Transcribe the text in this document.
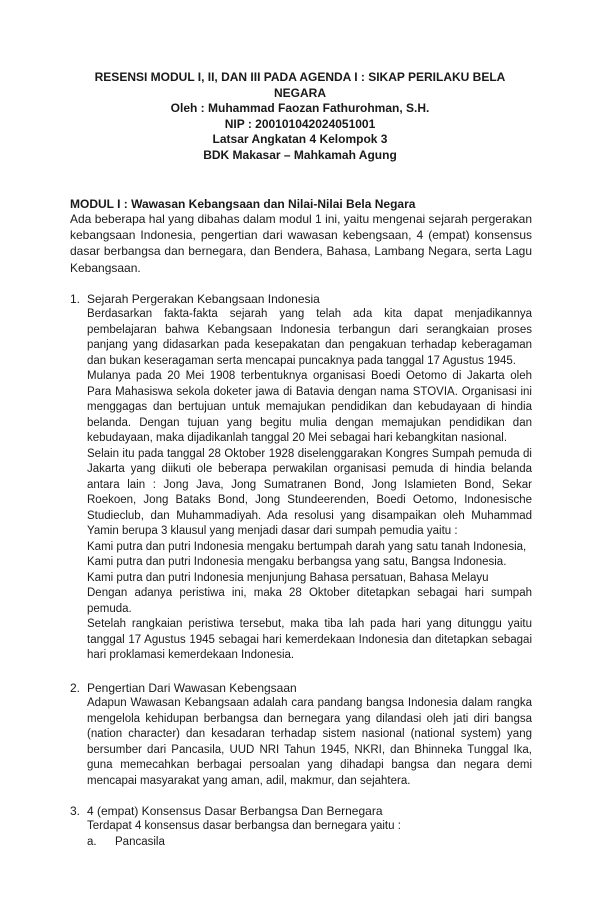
RESENSI MODUL I, II, DAN III PADA AGENDA I : SIKAP PERILAKU BELA
NEGARA
Oleh : Muhammad Faozan Fathurohman, S.H.
NIP : 200101042024051001
Latsar Angkatan 4 Kelompok 3
BDK Makasar – Mahkamah Agung
MODUL I : Wawasan Kebangsaan dan Nilai-Nilai Bela Negara
Ada beberapa hal yang dibahas dalam modul 1 ini, yaitu mengenai sejarah pergerakan kebangsaan Indonesia, pengertian dari wawasan kebengsaan, 4 (empat) konsensus dasar berbangsa dan bernegara, dan Bendera, Bahasa, Lambang Negara, serta Lagu Kebangsaan.
1. Sejarah Pergerakan Kebangsaan Indonesia

Berdasarkan fakta-fakta sejarah yang telah ada kita dapat menjadikannya pembelajaran bahwa Kebangsaan Indonesia terbangun dari serangkaian proses panjang yang didasarkan pada kesepakatan dan pengakuan terhadap keberagaman dan bukan keseragaman serta mencapai puncaknya pada tanggal 17 Agustus 1945.

Mulanya pada 20 Mei 1908 terbentuknya organisasi Boedi Oetomo di Jakarta oleh Para Mahasiswa sekola doketer jawa di Batavia dengan nama STOVIA. Organisasi ini menggagas dan bertujuan untuk memajukan pendidikan dan kebudayaan di hindia belanda. Dengan tujuan yang begitu mulia dengan memajukan pendidikan dan kebudayaan, maka dijadikanlah tanggal 20 Mei sebagai hari kebangkitan nasional.

Selain itu pada tanggal 28 Oktober 1928 diselenggarakan Kongres Sumpah pemuda di Jakarta yang diikuti ole beberapa perwakilan organisasi pemuda di hindia belanda antara lain : Jong Java, Jong Sumatranen Bond, Jong Islamieten Bond, Sekar Roekoen, Jong Bataks Bond, Jong Stundeerenden, Boedi Oetomo, Indonesische Studieclub, dan Muhammadiyah. Ada resolusi yang disampaikan oleh Muhammad Yamin berupa 3 klausul yang menjadi dasar dari sumpah pemudia yaitu :

Kami putra dan putri Indonesia mengaku bertumpah darah yang satu tanah Indonesia,

Kami putra dan putri Indonesia mengaku berbangsa yang satu, Bangsa Indonesia.

Kami putra dan putri Indonesia menjunjung Bahasa persatuan, Bahasa Melayu

Dengan adanya peristiwa ini, maka 28 Oktober ditetapkan sebagai hari sumpah pemuda.

Setelah rangkaian peristiwa tersebut, maka tiba lah pada hari yang ditunggu yaitu tanggal 17 Agustus 1945 sebagai hari kemerdekaan Indonesia dan ditetapkan sebagai hari proklamasi kemerdekaan Indonesia.

2. Pengertian Dari Wawasan Kebengsaan

Adapun Wawasan Kebangsaan adalah cara pandang bangsa Indonesia dalam rangka mengelola kehidupan berbangsa dan bernegara yang dilandasi oleh jati diri bangsa (nation character) dan kesadaran terhadap sistem nasional (national system) yang bersumber dari Pancasila, UUD NRI Tahun 1945, NKRI, dan Bhinneka Tunggal Ika, guna memecahkan berbagai persoalan yang dihadapi bangsa dan negara demi mencapai masyarakat yang aman, adil, makmur, dan sejahtera.

3. 4 (empat) Konsensus Dasar Berbangsa Dan Bernegara

Terdapat 4 konsensus dasar berbangsa dan bernegara yaitu :

a.	Pancasila
